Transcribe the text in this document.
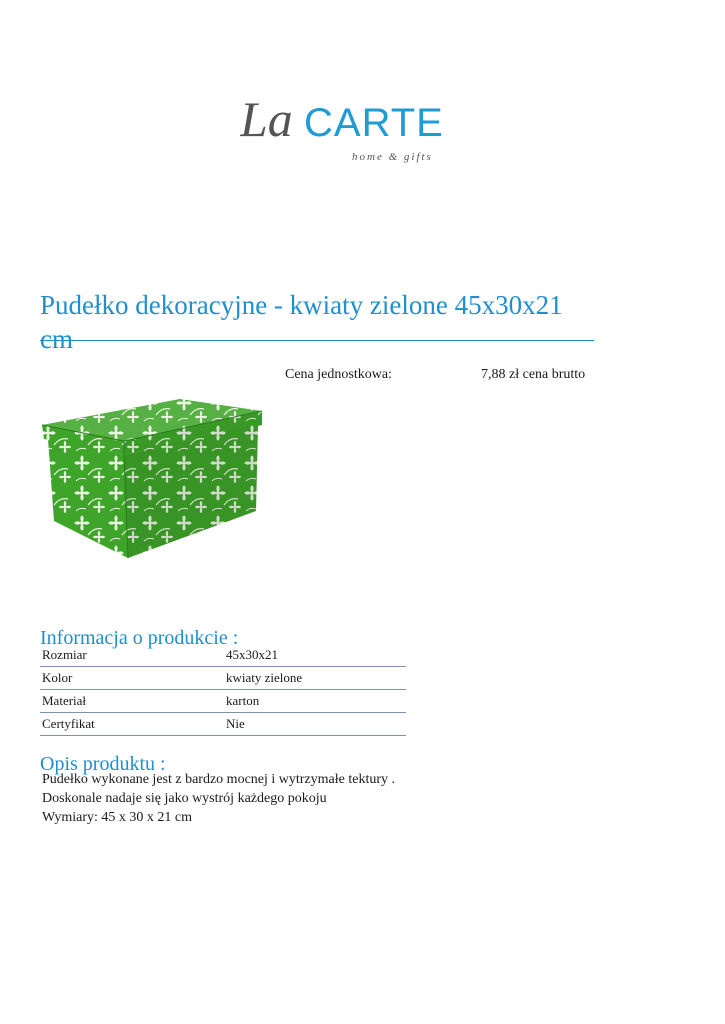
La CARTE
home & gifts
Pudełko dekoracyjne - kwiaty zielone 45x30x21 cm
Cena jednostkowa:	7,88 zł cena brutto
Informacja o produkcie :
Rozmiar	45x30x21
Kolor	kwiaty zielone
Materiał	karton
Certyfikat	Nie
Opis produktu :
Pudełko wykonane jest z bardzo mocnej i wytrzymałe tektury .
Doskonale nadaje się jako wystrój każdego pokoju
Wymiary: 45 x 30 x 21 cm
